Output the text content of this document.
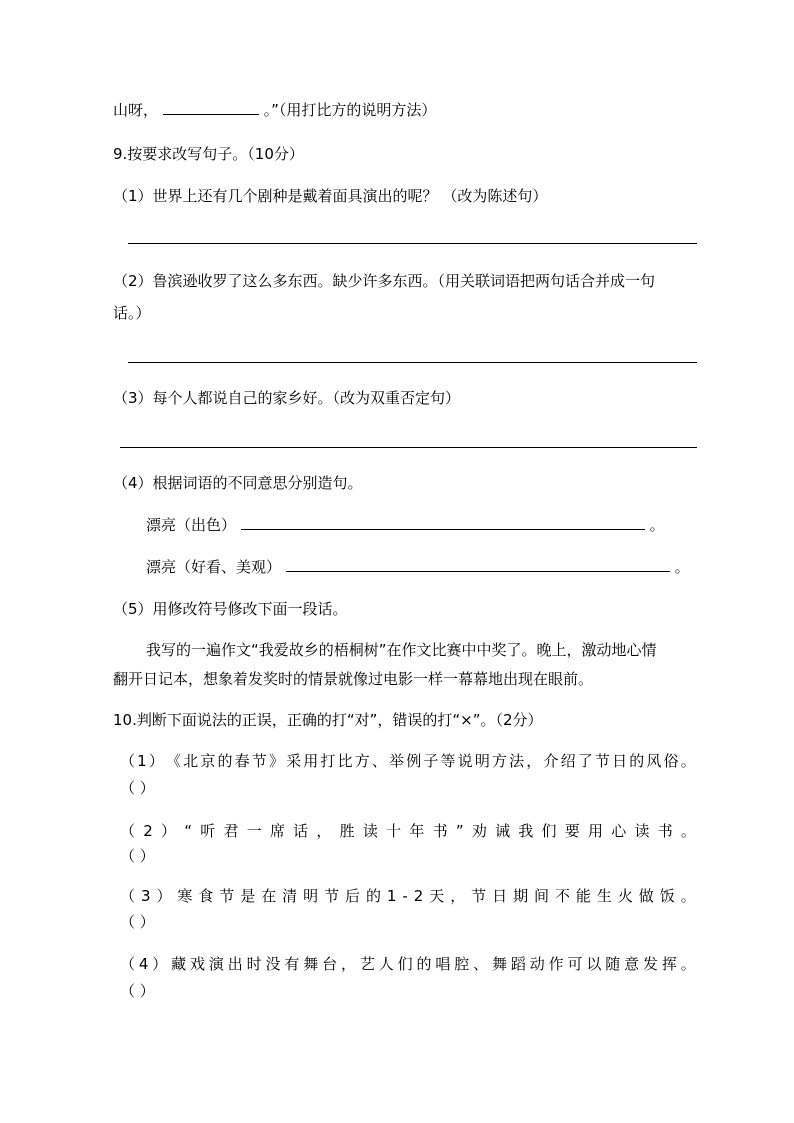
山呀，	。”（用打比方的说明方法）
9.按要求改写句子。（10分）
（1）世界上还有几个剧种是戴着面具演出的呢？ （改为陈述句）
（2）鲁滨逊收罗了这么多东西。缺少许多东西。（用关联词语把两句话合并成一句
话。）
（3）每个人都说自己的家乡好。（改为双重否定句）
（4）根据词语的不同意思分别造句。
漂亮（出色）	。
漂亮（好看、美观）	。
（5）用修改符号修改下面一段话。
我写的一遍作文“我爱故乡的梧桐树”在作文比赛中中奖了。晚上，激动地心情
翻开日记本，想象着发奖时的情景就像过电影一样一幕幕地出现在眼前。
10.判断下面说法的正误，正确的打“对”，错误的打“×”。（2分）
（ 1 ） 《 北 京 的 春 节 》 采 用 打 比 方 、 举 例 子 等 说 明 方 法 ， 介 绍 了 节 日 的 风 俗 。
（ ）
（ 2 ） “ 听 君 一 席 话 ， 胜 读 十 年 书 ” 劝 诫 我 们 要 用 心 读 书 。
（ ）
（ 3 ） 寒 食 节 是 在 清 明 节 后 的 1 - 2 天 ， 节 日 期 间 不 能 生 火 做 饭 。
（ ）
（ 4 ） 藏 戏 演 出 时 没 有 舞 台 ， 艺 人 们 的 唱 腔 、 舞 蹈 动 作 可 以 随 意 发 挥 。
（ ）
